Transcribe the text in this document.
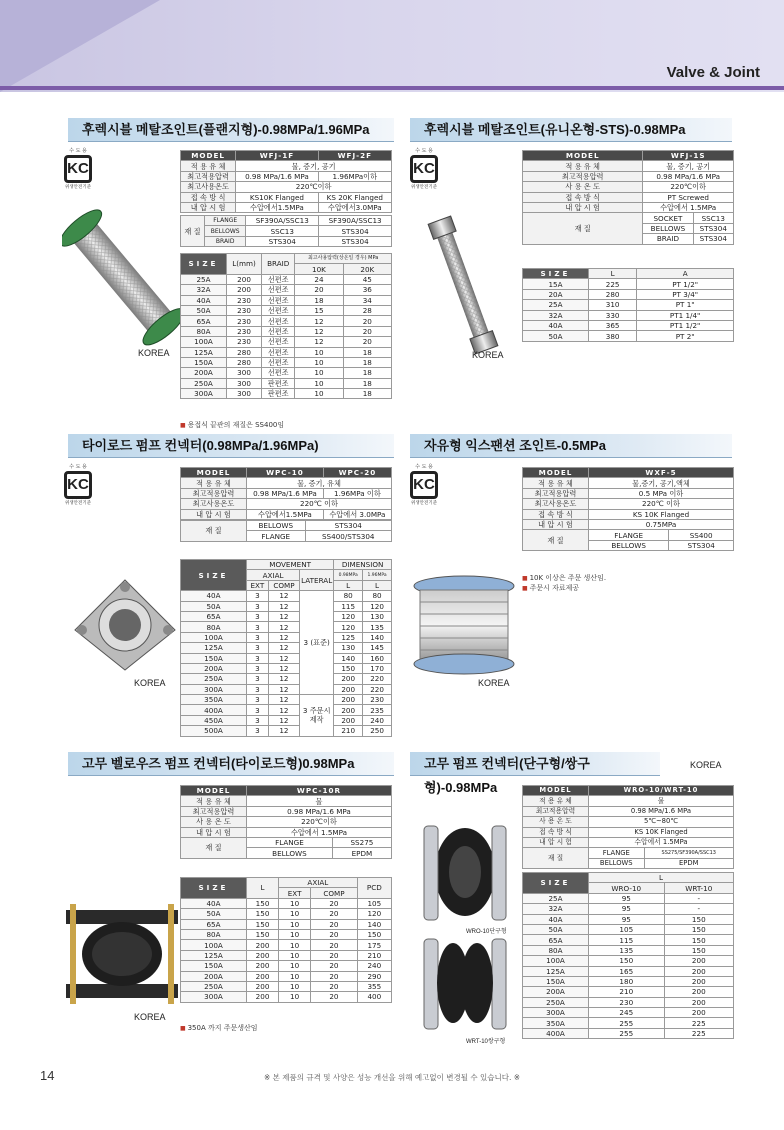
Valve & Joint
후렉시블 메탈조인트(플랜지형)-0.98MPa/1.96MPa
수 도 용
KC
위생안전기준
KOREA
MODEL	WFJ-1F	WFJ-2F
적 용 유 체	물, 증기, 공기	
최고적용압력	0.98 MPa/1.6 MPa	1.96MPa이하
최고사용온도	220℃이하	
접 속 방 식	KS10K Flanged	KS 20K Flanged
내 압 시 험	수압에서1.5MPa	수압에서3.0MPa
재 질	FLANGE	SF390A/SSC13	SF390A/SSC13
	BELLOWS	SSC13	STS304
	BRAID	STS304	STS304
SIZE	L(mm)	BRAID	최고사용압력(상온일 경우) MPa	
			10K	20K
25A	200	선편조	24	45
32A	200	선편조	20	36
40A	230	선편조	18	34
50A	230	선편조	15	28
65A	230	선편조	12	20
80A	230	선편조	12	20
100A	230	선편조	12	20
125A	280	선편조	10	18
150A	280	선편조	10	18
200A	300	선편조	10	18
250A	300	판편조	10	18
300A	300	판편조	10	18
■ 용접식 끝관의 재질은 SS400임
후렉시블 메탈조인트(유니온형-STS)-0.98MPa
수 도 용
KC
위생안전기준
KOREA
MODEL	WFJ-1S	
적 용 유 체	물, 증기, 공기	
최고적용압력	0.98 MPa/1.6 MPa	
사 용 온 도	220℃이하	
접 속 방 식	PT Screwed	
내 압 시 험	수압에서 1.5MPa	
재 질	SOCKET	SSC13
	BELLOWS	STS304
	BRAID	STS304
SIZE	L	A
15A	225	PT 1/2"
20A	280	PT 3/4"
25A	310	PT 1"
32A	330	PT1 1/4"
40A	365	PT1 1/2"
50A	380	PT 2"
타이로드 펌프 컨넥터(0.98MPa/1.96MPa)
수 도 용
KC
위생안전기준
KOREA
MODEL	WPC-10	WPC-20
적 용 유 체	물, 증기, 유체	
최고적용압력	0.98 MPa/1.6 MPa	1.96MPa 이하
최고사용온도	220℃ 이하	
내 압 시 험	수압에서1.5MPa	수압에서 3.0MPa
재 질	BELLOWS	STS304
	FLANGE	SS400/STS304
SIZE	MOVEMENT			DIMENSION	
	AXIAL		LATERAL	0.98MPa	1.96MPa
	EXT	COMP		L	L
40A	3	12	3 (표준)	80	80
50A	3	12		115	120
65A	3	12		120	130
80A	3	12		120	135
100A	3	12		125	140
125A	3	12		130	145
150A	3	12		140	160
200A	3	12		150	170
250A	3	12		200	220
300A	3	12		200	220
350A	3	12	3 주문시 제작	200	230
400A	3	12		200	235
450A	3	12		200	240
500A	3	12		210	250
자유형 익스팬션 조인트-0.5MPa
수 도 용
KC
위생안전기준
KOREA
MODEL	WXF-5	
적 용 유 체	물,증기, 공기,액체	
최고적용압력	0.5 MPa 이하	
최고사용온도	220℃ 이하	
접 속 방 식	KS 10K Flanged	
내 압 시 험	0.75MPa	
재 질	FLANGE	SS400
	BELLOWS	STS304
■ 10K 이상은 주문 생산임.
■ 주문시 자료제공
고무 벨로우즈 펌프 컨넥터(타이로드형)0.98MPa
KOREA
MODEL	WPC-10R	
적 용 유 체	물	
최고적용압력	0.98 MPa/1.6 MPa	
사 용 온 도	220℃이하	
내 압 시 험	수압에서 1.5MPa	
재 질	FLANGE	SS275
	BELLOWS	EPDM
SIZE	L	AXIAL		PCD
		EXT	COMP	
40A	150	10	20	105
50A	150	10	20	120
65A	150	10	20	140
80A	150	10	20	150
100A	200	10	20	175
125A	200	10	20	210
150A	200	10	20	240
200A	200	10	20	290
250A	200	10	20	355
300A	200	10	20	400
■ 350A 까지 주문생산임
고무 펌프 컨넥터(단구형/쌍구형)-0.98MPa
KOREA
WRO-10단구형
WRT-10쌍구형
MODEL	WRO-10/WRT-10	
적 용 유 체	물	
최고적용압력	0.98 MPa/1.6 MPa	
사 용 온 도	5℃~80℃	
접 속 방 식	KS 10K Flanged	
내 압 시 험	수압에서 1.5MPa	
재 질	FLANGE	SS275/SF390A/SSC13
	BELLOWS	EPDM
SIZE	L	
	WRO-10	WRT-10
25A	95	-
32A	95	-
40A	95	150
50A	105	150
65A	115	150
80A	135	150
100A	150	200
125A	165	200
150A	180	200
200A	210	200
250A	230	200
300A	245	200
350A	255	225
400A	255	225
14	※ 본 제품의 규격 및 사양은 성능 개선을 위해 예고없이 변경될 수 있습니다. ※
